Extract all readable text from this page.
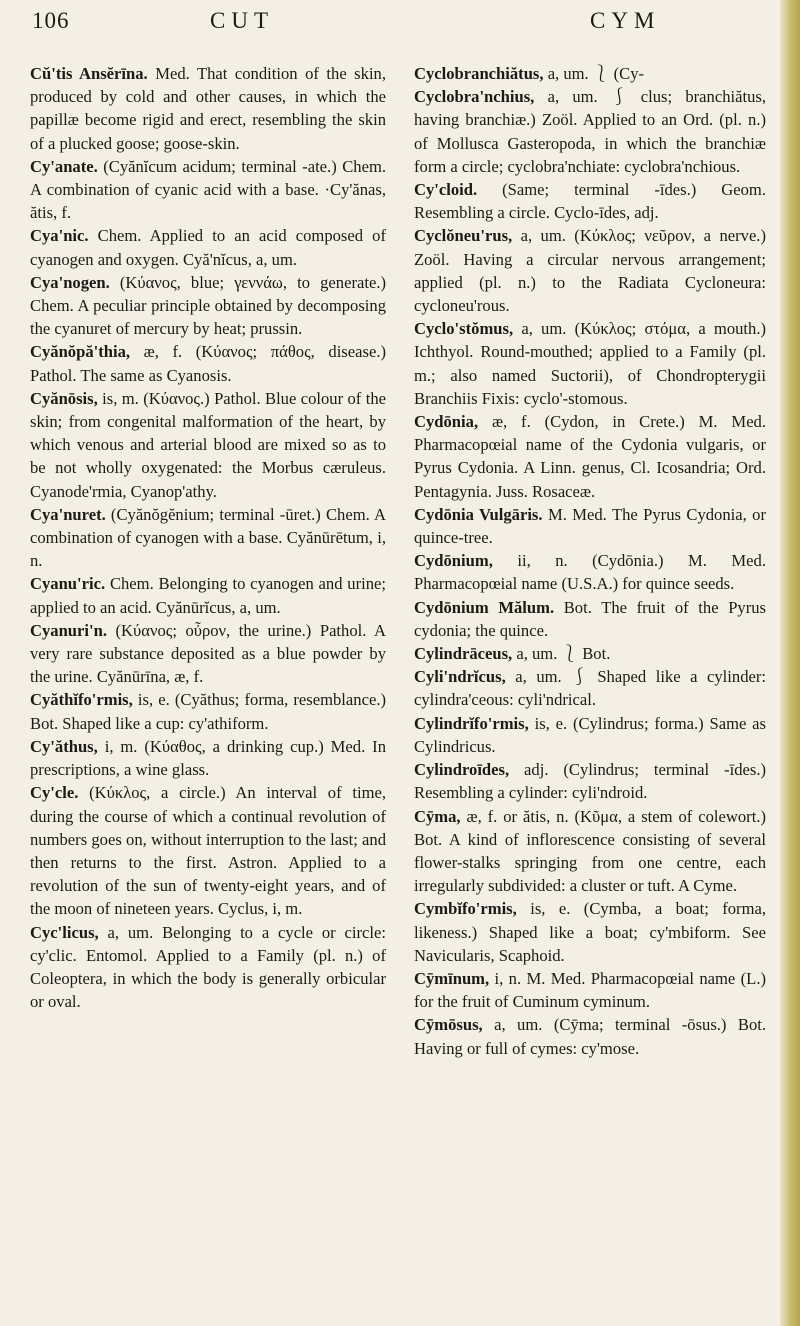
106	CUT	CYM

Cŭ'tis Ansĕrīna. Med. That condition of the skin, produced by cold and other causes, in which the papillæ become rigid and erect, resembling the skin of a plucked goose; goose-skin.

Cy'anate. (Cyănĭcum acidum; terminal -ate.) Chem. A combination of cyanic acid with a base. ·Cy'ănas, ătis, f.

Cya'nic. Chem. Applied to an acid composed of cyanogen and oxygen. Cyă'nĭcus, a, um.

Cya'nogen. (Κύανος, blue; γεννάω, to generate.) Chem. A peculiar principle obtained by decomposing the cyanuret of mercury by heat; prussin.

Cyănŏpă'thia, æ, f. (Κύανος; πάθος, disease.) Pathol. The same as Cyanosis.

Cyănōsis, is, m. (Κύανος.) Pathol. Blue colour of the skin; from congenital malformation of the heart, by which venous and arterial blood are mixed so as to be not wholly oxygenated: the Morbus cæruleus. Cyanode'rmia, Cyanop'athy.

Cya'nuret. (Cyănŏgĕnium; terminal -ūret.) Chem. A combination of cyanogen with a base. Cyănūrētum, i, n.

Cyanu'ric. Chem. Belonging to cyanogen and urine; applied to an acid. Cyănūrĭcus, a, um.

Cyanuri'n. (Κύανος; οὖρον, the urine.) Pathol. A very rare substance deposited as a blue powder by the urine. Cyănūrīna, æ, f.

Cyăthĭfo'rmis, is, e. (Cyăthus; forma, resemblance.) Bot. Shaped like a cup: cy'athiform.

Cy'ăthus, i, m. (Κύαθος, a drinking cup.) Med. In prescriptions, a wine glass.

Cy'cle. (Κύκλος, a circle.) An interval of time, during the course of which a continual revolution of numbers goes on, without interruption to the last; and then returns to the first. Astron. Applied to a revolution of the sun of twenty-eight years, and of the moon of nineteen years. Cyclus, i, m.

Cyc'licus, a, um. Belonging to a cycle or circle: cy'clic. Entomol. Applied to a Family (pl. n.) of Coleoptera, in which the body is generally orbicular or oval.

Cyclobranchiătus, a, um. ⎱ (Cy-

Cyclobra'nchius, a, um. ⎰ clus; branchiătus, having branchiæ.) Zoöl. Applied to an Ord. (pl. n.) of Mollusca Gasteropoda, in which the branchiæ form a circle; cyclobra'nchiate: cyclobra'nchious.

Cy'cloid. (Same; terminal -īdes.) Geom. Resembling a circle. Cyclo-īdes, adj.

Cyclŏneu'rus, a, um. (Κύκλος; νεῦρον, a nerve.) Zoöl. Having a circular nervous arrangement; applied (pl. n.) to the Radiata Cycloneura: cycloneu'rous.

Cyclo'stŏmus, a, um. (Κύκλος; στόμα, a mouth.) Ichthyol. Round-mouthed; applied to a Family (pl. m.; also named Suctorii), of Chondropterygii Branchiis Fixis: cyclo'-stomous.

Cydōnia, æ, f. (Cydon, in Crete.) M. Med. Pharmacopœial name of the Cydonia vulgaris, or Pyrus Cydonia. A Linn. genus, Cl. Icosandria; Ord. Pentagynia. Juss. Rosaceæ.

Cydōnia Vulgāris. M. Med. The Pyrus Cydonia, or quince-tree.

Cydōnium, ii, n. (Cydōnia.) M. Med. Pharmacopœial name (U.S.A.) for quince seeds.

Cydōnium Mălum. Bot. The fruit of the Pyrus cydonia; the quince.

Cylindrāceus, a, um. ⎱ Bot.

Cyli'ndrĭcus, a, um. ⎰ Shaped like a cylinder: cylindra'ceous: cyli'ndrical.

Cylindrĭfo'rmis, is, e. (Cylindrus; forma.) Same as Cylindricus.

Cylindroīdes, adj. (Cylindrus; terminal -īdes.) Resembling a cylinder: cyli'ndroid.

Cȳma, æ, f. or ătis, n. (Κῦμα, a stem of colewort.) Bot. A kind of inflorescence consisting of several flower-stalks springing from one centre, each irregularly subdivided: a cluster or tuft. A Cyme.

Cymbĭfo'rmis, is, e. (Cymba, a boat; forma, likeness.) Shaped like a boat; cy'mbiform. See Navicularis, Scaphoid.

Cȳmīnum, i, n. M. Med. Pharmacopœial name (L.) for the fruit of Cuminum cyminum.

Cȳmōsus, a, um. (Cȳma; terminal -ōsus.) Bot. Having or full of cymes: cy'mose.
